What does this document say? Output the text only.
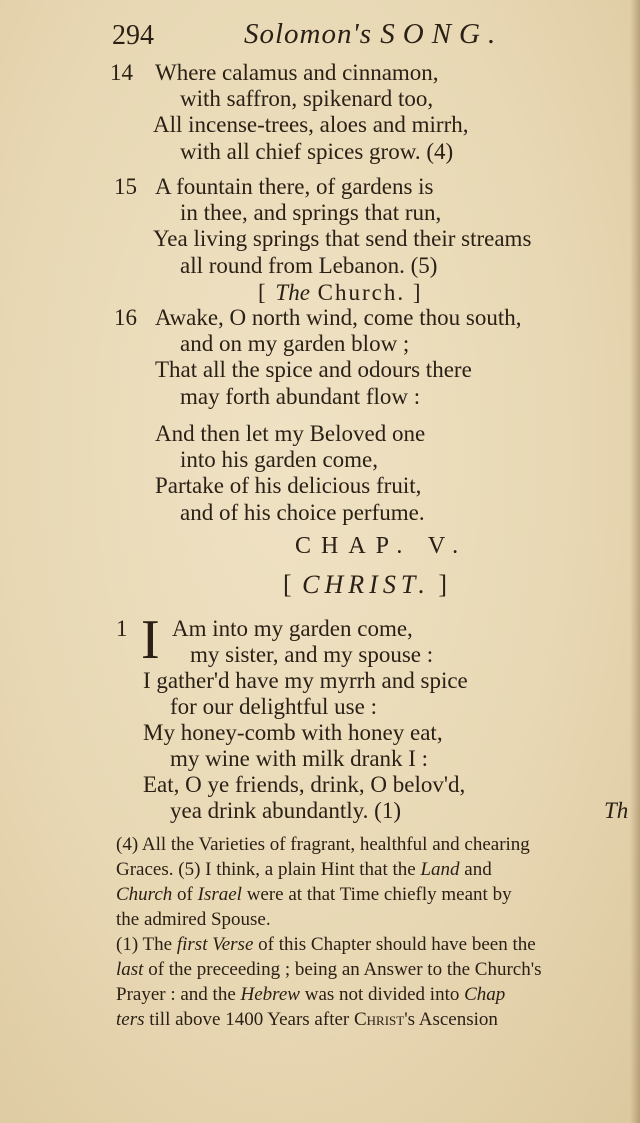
294	Solomon's SONG.
14 Where calamus and cinnamon,
with saffron, spikenard too,
All incense-trees, aloes and mirrh,
with all chief spices grow. (4)
15 A fountain there, of gardens is
in thee, and springs that run,
Yea living springs that send their streams
all round from Lebanon. (5)
[ The Church. ]
16 Awake, O north wind, come thou south,
and on my garden blow ;
That all the spice and odours there
may forth abundant flow :
And then let my Beloved one
into his garden come,
Partake of his delicious fruit,
and of his choice perfume.
CHAP. V.
[ CHRIST. ]
1 I Am into my garden come,
my sister, and my spouse :
I gather'd have my myrrh and spice
for our delightful use :
My honey-comb with honey eat,
my wine with milk drank I :
Eat, O ye friends, drink, O belov'd,
yea drink abundantly. (1)	Th
(4) All the Varieties of fragrant, healthful and chearing
Graces. (5) I think, a plain Hint that the Land and
Church of Israel were at that Time chiefly meant by
the admired Spouse.
(1) The first Verse of this Chapter should have been the
last of the preceeding ; being an Answer to the Church's
Prayer : and the Hebrew was not divided into Chap
ters till above 1400 Years after Christ's Ascension
